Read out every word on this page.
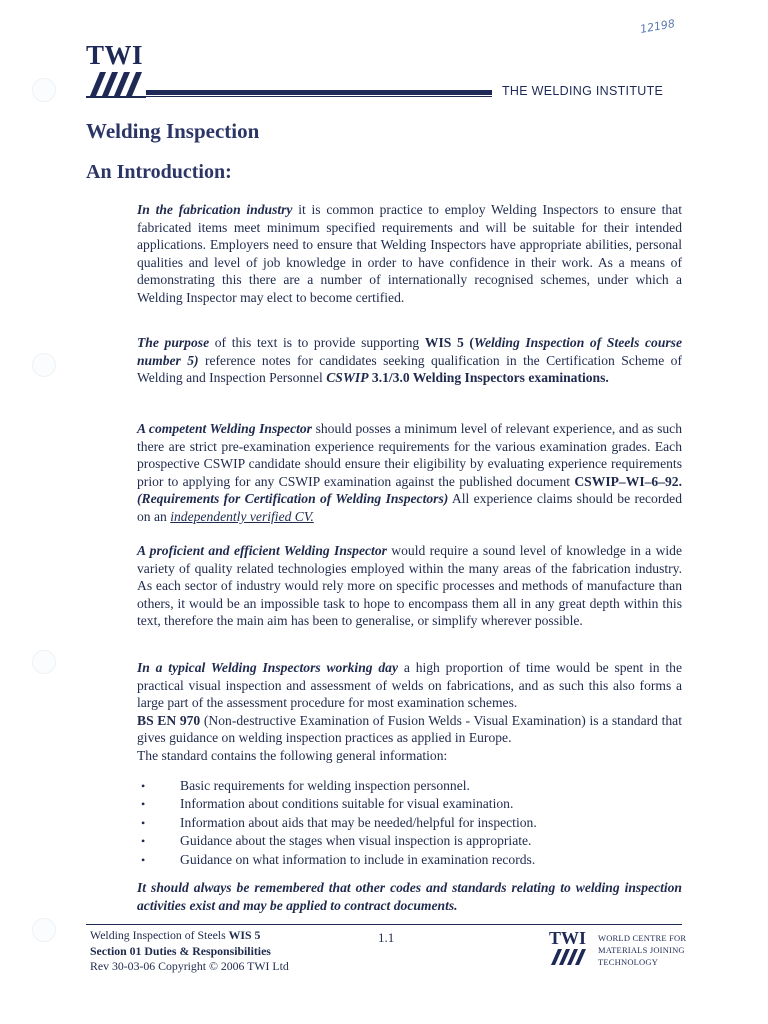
12198
TWI
THE WELDING INSTITUTE
Welding Inspection
An Introduction:
In the fabrication industry it is common practice to employ Welding Inspectors to ensure that fabricated items meet minimum specified requirements and will be suitable for their intended applications. Employers need to ensure that Welding Inspectors have appropriate abilities, personal qualities and level of job knowledge in order to have confidence in their work. As a means of demonstrating this there are a number of internationally recognised schemes, under which a Welding Inspector may elect to become certified.
The purpose of this text is to provide supporting WIS 5 (Welding Inspection of Steels course number 5) reference notes for candidates seeking qualification in the Certification Scheme of Welding and Inspection Personnel CSWIP 3.1/3.0 Welding Inspectors examinations.
A competent Welding Inspector should posses a minimum level of relevant experience, and as such there are strict pre-examination experience requirements for the various examination grades. Each prospective CSWIP candidate should ensure their eligibility by evaluating experience requirements prior to applying for any CSWIP examination against the published document CSWIP–WI–6–92. (Requirements for Certification of Welding Inspectors) All experience claims should be recorded on an independently verified CV.
A proficient and efficient Welding Inspector would require a sound level of knowledge in a wide variety of quality related technologies employed within the many areas of the fabrication industry. As each sector of industry would rely more on specific processes and methods of manufacture than others, it would be an impossible task to hope to encompass them all in any great depth within this text, therefore the main aim has been to generalise, or simplify wherever possible.
In a typical Welding Inspectors working day a high proportion of time would be spent in the practical visual inspection and assessment of welds on fabrications, and as such this also forms a large part of the assessment procedure for most examination schemes.
BS EN 970 (Non-destructive Examination of Fusion Welds - Visual Examination) is a standard that gives guidance on welding inspection practices as applied in Europe.
The standard contains the following general information:
• Basic requirements for welding inspection personnel.
• Information about conditions suitable for visual examination.
• Information about aids that may be needed/helpful for inspection.
• Guidance about the stages when visual inspection is appropriate.
• Guidance on what information to include in examination records.
It should always be remembered that other codes and standards relating to welding inspection activities exist and may be applied to contract documents.
Welding Inspection of Steels WIS 5
Section 01 Duties & Responsibilities
Rev 30-03-06 Copyright © 2006 TWI Ltd
1.1	TWI WORLD CENTRE FOR
MATERIALS JOINING
TECHNOLOGY
